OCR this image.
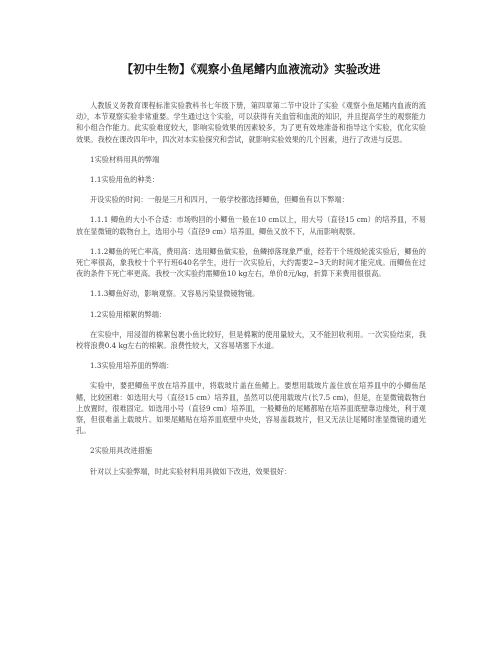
【初中生物】《观察小鱼尾鳍内血液流动》实验改进

人教版义务教育课程标准实验教科书七年级下册，第四章第二节中设计了实验《观察小鱼尾鳍内血液的流动》，本节观察实验非常重要。学生通过这个实验，可以获得有关血管和血流的知识，并且提高学生的观察能力和小组合作能力。此实验难度较大，影响实验效果的因素较多，为了更有效地准备和指导这个实验，优化实验效果。我校在课改四年中，四次对本实验探究和尝试，就影响实验效果的几个因素，进行了改进与反思。

1实验材料用具的弊端

1.1实验用鱼的种类：

开设实验的时间：一般是三月和四月，一般学校都选择鲫鱼，但鲫鱼有以下弊端：

1.1.1 鲫鱼的大小不合适：市场购回的小鲫鱼一般在10 cm以上，用大号（直径15 cm）的培养皿，不易放在显微镜的载物台上，选用小号（直径9 cm）培养皿，鲫鱼又放不下，从而影响观察。

1.1.2鲫鱼的死亡率高，费用高：选用鲫鱼做实验，鱼鳞掉落现象严重，经若干个班级轮流实验后，鲫鱼的死亡率很高，象我校十个平行班640名学生，进行一次实验后，大约需要2~3天的时间才能完成。而鲫鱼在过夜的条件下死亡率更高。我校一次实验约需鲫鱼10 kg左右，单价8元/kg，折算下来费用很很高。

1.1.3鲫鱼好动，影响观察。又容易污染显微镜物镜。

1.2实验用棉絮的弊端：

在实验中，用浸湿的棉絮包裹小鱼比较好，但是棉絮的使用量较大，又不能回收利用。一次实验结束，我校将浪费0.4 kg左右的棉絮。浪费性较大，又容易堵塞下水道。

1.3实验用培养皿的弊端：

实验中，要把鲫鱼平放在培养皿中，将载玻片盖在鱼鳍上。要想用载玻片盖住放在培养皿中的小鲫鱼尾鳍，比较困难：如选用大号（直径15 cm）培养皿，虽然可以使用载玻片(长7.5 cm)，但是，在显微镜载物台上放置时，很难固定。如选用小号（直径9 cm）培养皿，一般鲫鱼的尾鳍都贴在培养皿底壁靠边缘处，利于观察，但很难盖上载玻片。如果尾鳍贴在培养皿底壁中央处，容易盖载玻片，但又无法让尾鳍时准显微镜的通光孔。

2实验用具改进措施

针对以上实验弊端，时此实验材料用具做如下改进，效果很好：
